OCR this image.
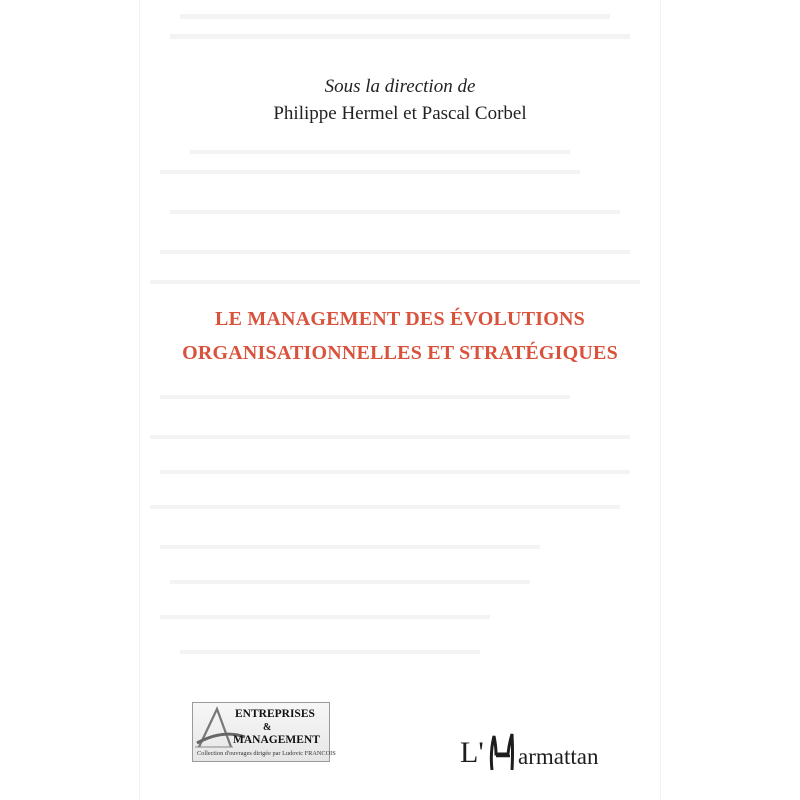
Sous la direction de
Philippe Hermel et Pascal Corbel
LE MANAGEMENT DES ÉVOLUTIONS
ORGANISATIONNELLES ET STRATÉGIQUES
ENTREPRISES
&
MANAGEMENT
Collection d'ouvrages dirigée par Ludovic FRANCOIS	L' armattan
